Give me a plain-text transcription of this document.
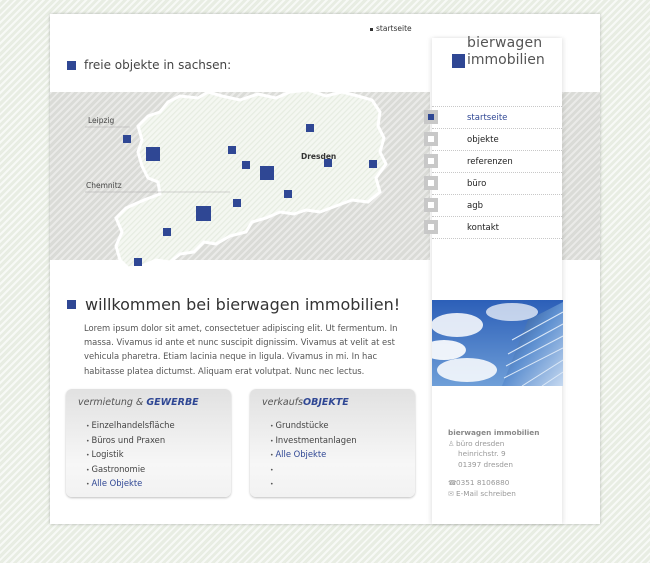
startseite
freie objekte in sachsen:
Leipzig
Chemnitz
Dresden
willkommen bei bierwagen immobilien!
Lorem ipsum dolor sit amet, consectetuer adipiscing elit. Ut fermentum. In massa. Vivamus id ante et nunc suscipit dignissim. Vivamus at velit at est vehicula pharetra. Etiam lacinia neque in ligula. Vivamus in mi. In hac habitasse platea dictumst. Aliquam erat volutpat. Nunc nec lectus.
vermietung & GEWERBE
• Einzelhandelsfläche
• Büros und Praxen
• Logistik
• Gastronomie
• Alle Objekte
verkaufsOBJEKTE
• Grundstücke
• Investmentanlagen
• Alle Objekte
•
•
bierwagen
immobilien
startseite
objekte
referenzen
büro
agb
kontakt
bierwagen immobilien
♙ büro dresden
heinrichstr. 9
01397 dresden
☎0351 8106880
✉ E-Mail schreiben
